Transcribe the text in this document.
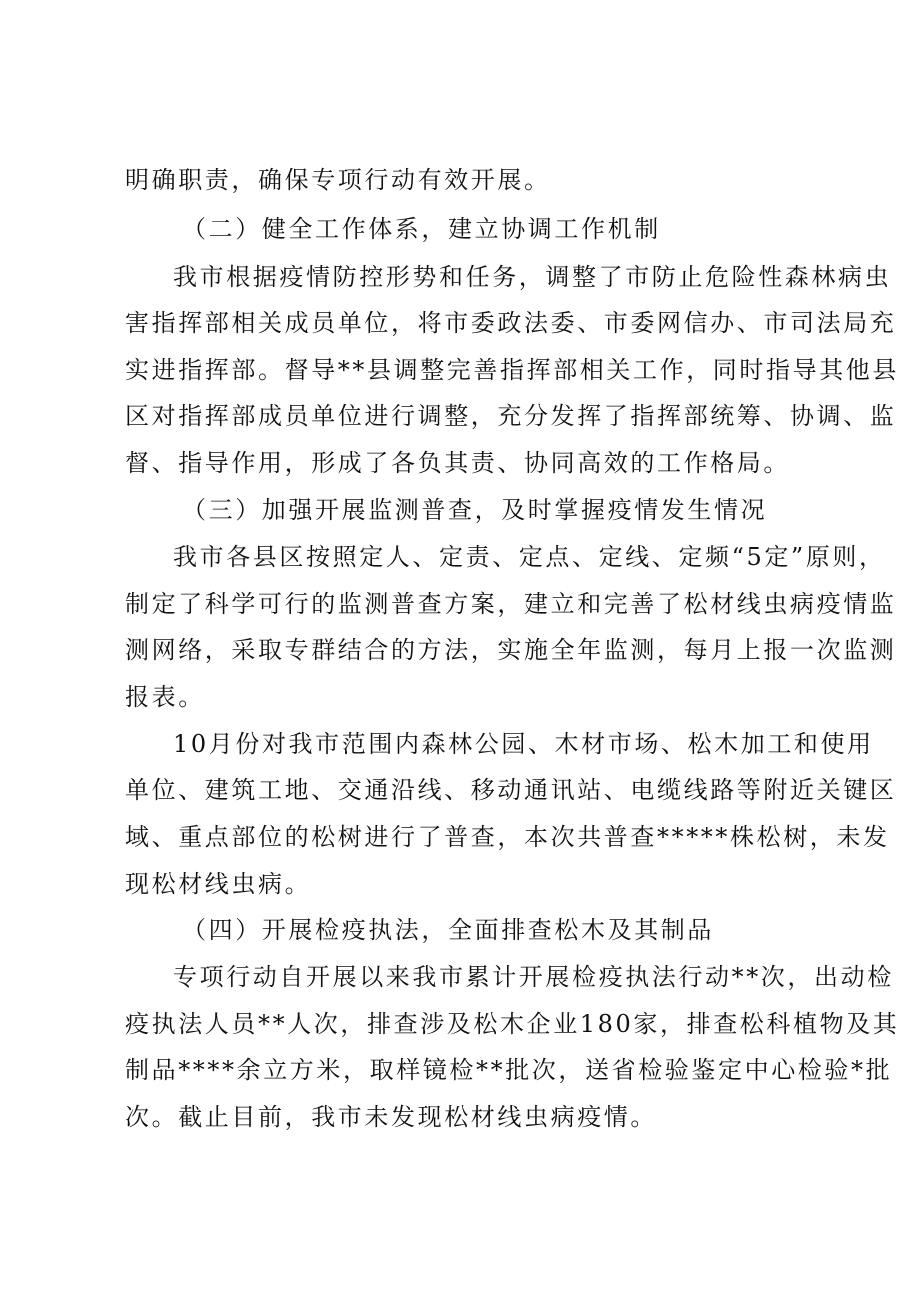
明确职责，确保专项行动有效开展。
（二）健全工作体系，建立协调工作机制
我市根据疫情防控形势和任务，调整了市防止危险性森林病虫
害指挥部相关成员单位，将市委政法委、市委网信办、市司法局充
实进指挥部。督导**县调整完善指挥部相关工作，同时指导其他县
区对指挥部成员单位进行调整，充分发挥了指挥部统筹、协调、监
督、指导作用，形成了各负其责、协同高效的工作格局。
（三）加强开展监测普查，及时掌握疫情发生情况
我市各县区按照定人、定责、定点、定线、定频“5定”原则，
制定了科学可行的监测普查方案，建立和完善了松材线虫病疫情监
测网络，采取专群结合的方法，实施全年监测，每月上报一次监测
报表。
10月份对我市范围内森林公园、木材市场、松木加工和使用
单位、建筑工地、交通沿线、移动通讯站、电缆线路等附近关键区
域、重点部位的松树进行了普查，本次共普查*****株松树，未发
现松材线虫病。
（四）开展检疫执法，全面排查松木及其制品
专项行动自开展以来我市累计开展检疫执法行动**次，出动检
疫执法人员**人次，排查涉及松木企业180家，排查松科植物及其
制品****余立方米，取样镜检**批次，送省检验鉴定中心检验*批
次。截止目前，我市未发现松材线虫病疫情。
